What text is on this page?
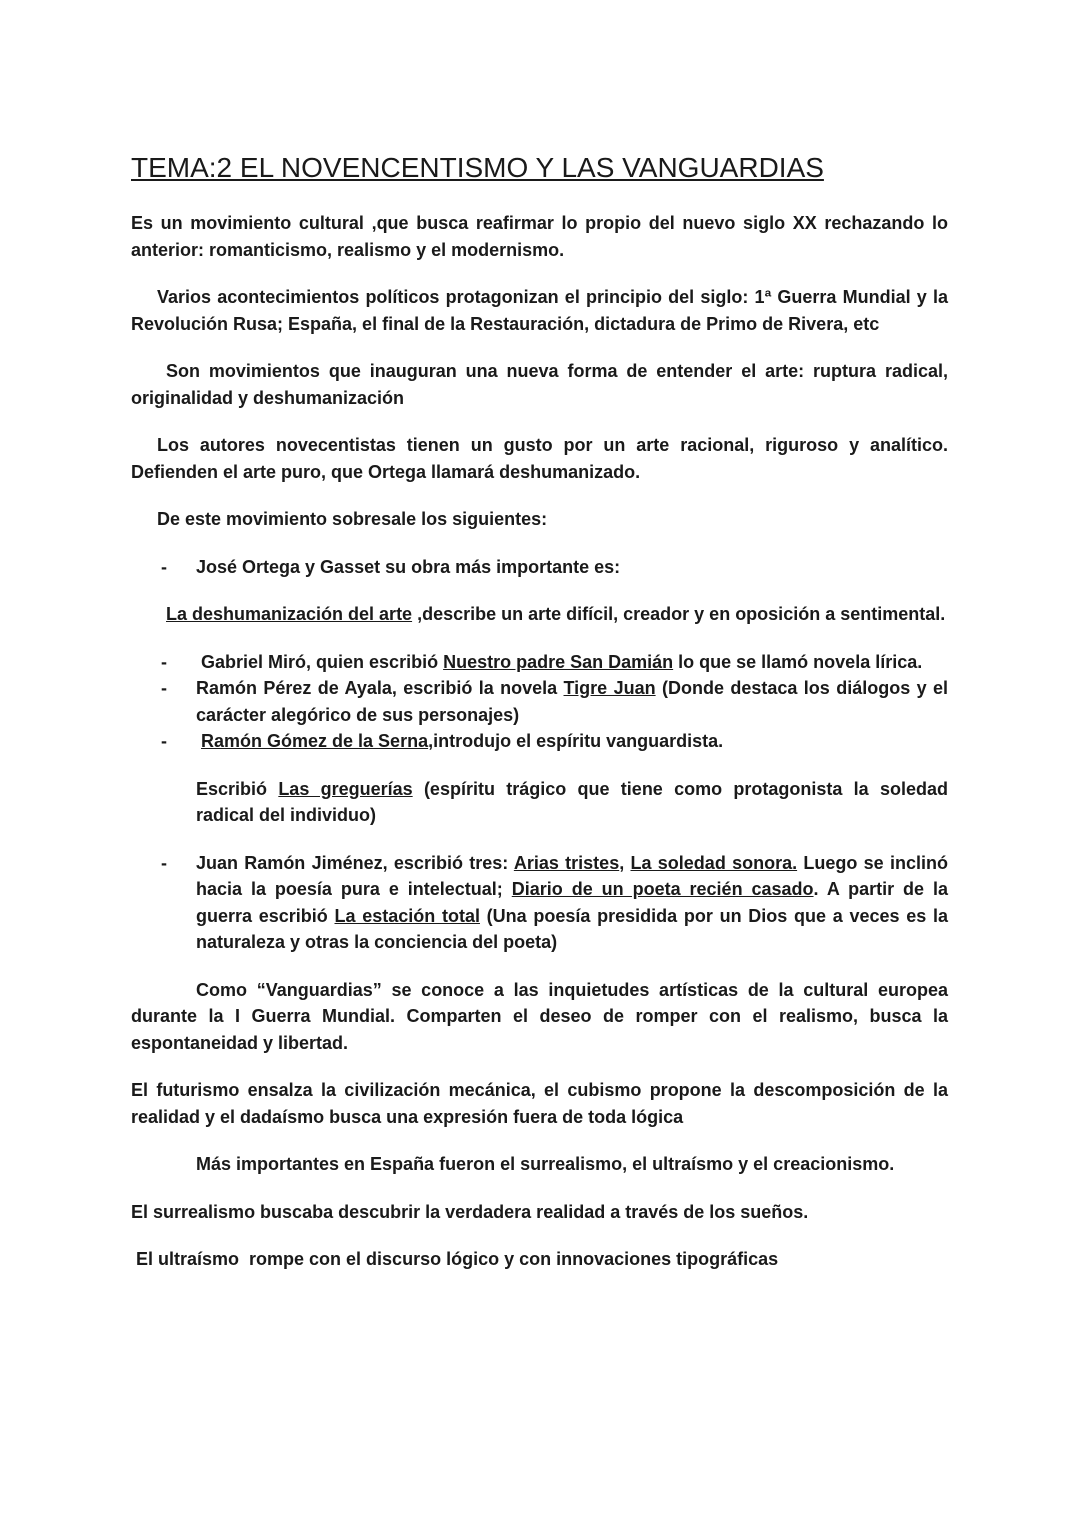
TEMA:2 EL NOVENCENTISMO Y LAS VANGUARDIAS

Es un movimiento cultural ,que busca reafirmar lo propio del nuevo siglo XX rechazando lo anterior: romanticismo, realismo y el modernismo.

Varios acontecimientos políticos protagonizan el principio del siglo: 1ª Guerra Mundial y la Revolución Rusa; España, el final de la Restauración, dictadura de Primo de Rivera, etc

Son movimientos que inauguran una nueva forma de entender el arte: ruptura radical, originalidad y deshumanización

Los autores novecentistas tienen un gusto por un arte racional, riguroso y analítico. Defienden el arte puro, que Ortega llamará deshumanizado.

De este movimiento sobresale los siguientes:

-	José Ortega y Gasset su obra más importante es:

La deshumanización del arte ,describe un arte difícil, creador y en oposición a sentimental.

-	Gabriel Miró, quien escribió Nuestro padre San Damián lo que se llamó novela lírica.
-	Ramón Pérez de Ayala, escribió la novela Tigre Juan (Donde destaca los diálogos y el carácter alegórico de sus personajes)
-	Ramón Gómez de la Serna,introdujo el espíritu vanguardista.

Escribió Las greguerías (espíritu trágico que tiene como protagonista la soledad radical del individuo)

-	Juan Ramón Jiménez, escribió tres: Arias tristes, La soledad sonora. Luego se inclinó hacia la poesía pura e intelectual; Diario de un poeta recién casado. A partir de la guerra escribió La estación total (Una poesía presidida por un Dios que a veces es la naturaleza y otras la conciencia del poeta)

Como “Vanguardias” se conoce a las inquietudes artísticas de la cultural europea durante la I Guerra Mundial. Comparten el deseo de romper con el realismo, busca la espontaneidad y libertad.

El futurismo ensalza la civilización mecánica, el cubismo propone la descomposición de la realidad y el dadaísmo busca una expresión fuera de toda lógica

Más importantes en España fueron el surrealismo, el ultraísmo y el creacionismo.

El surrealismo buscaba descubrir la verdadera realidad a través de los sueños.

El ultraísmo  rompe con el discurso lógico y con innovaciones tipográficas
